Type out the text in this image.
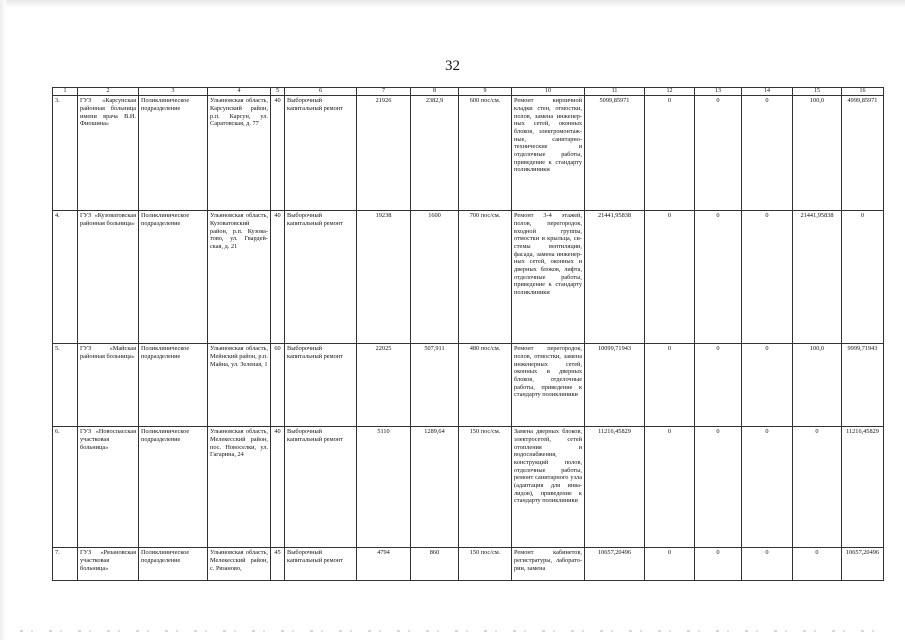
32
1	2	3	4	5	6	7	8	9	10	11	12	13	14	15	16
3.	ГУЗ «Карсунская районная больница имени врача В.И. Фиошина»	Поликлиническое подразделение	Ульяновская область, Карсунский район, р.п. Карсун, ул. Саратовская, д. 77	40	Выборочный капитальный ремонт	21926	2382,9	600 пос/см.	Ремонт кирпичной кладки стен, отмостки, полов, замена инженерных сетей, оконных блоков, электромонтажные, санитарно-технические и отделочные работы, приведение к стандарту поликлиники	5099,85971	0	0	0	100,0	4999,85971
4.	ГУЗ «Кузоватовская районная больница»	Поликлиническое подразделение	Ульяновская область, Кузоватовский район, р.п. Кузоватово, ул. Гвардейская, д. 21	40	Выборочный капитальный ремонт	19238	1600	700 пос/см.	Ремонт 3-4 этажей, полов, перегородок, входной группы, отмостки и крыльца, системы вентиляции, фасада, замена инженерных сетей, оконных и дверных блоков, лифта, отделочные работы, приведение к стандарту поликлиники	21441,95838	0	0	0	21441,95838	0
5.	ГУЗ «Майская районная больница»	Поликлиническое подразделение	Ульяновская область, Мейнский район, р.п. Майна, ул. Зеленая, 1	60	Выборочный капитальный ремонт	22025	507,911	480 пос/см.	Ремонт перегородок, полов, отмостки, замена инженерных сетей, оконных и дверных блоков, отделочные работы, приведение к стандарту поликлиники	10099,71943	0	0	0	100,0	9999,71943
6.	ГУЗ «Новоспасская участковая больница»	Поликлиническое подразделение	Ульяновская область, Мелекесский район, пос. Новоселки, ул. Гагарина, 24	40	Выборочный капитальный ремонт	5110	1289,64	150 пос/см.	Замена дверных блоков, электросетей, сетей отопления и водоснабжения, конструкций полов, отделочные работы, ремонт санитарного узла (адаптация для инвалидов), приведение к стандарту поликлиники	11216,45829	0	0	0	0	11216,45829
7.	ГУЗ «Рязановская участковая больница»	Поликлиническое подразделение	Ульяновская область, Мелекесский район, с. Рязаново,	45	Выборочный капитальный ремонт	4794	860	150 пос/см.	Ремонт кабинетов, регистратуры, лаборатории, замена	10657,20496	0	0	0	0	10657,20496
